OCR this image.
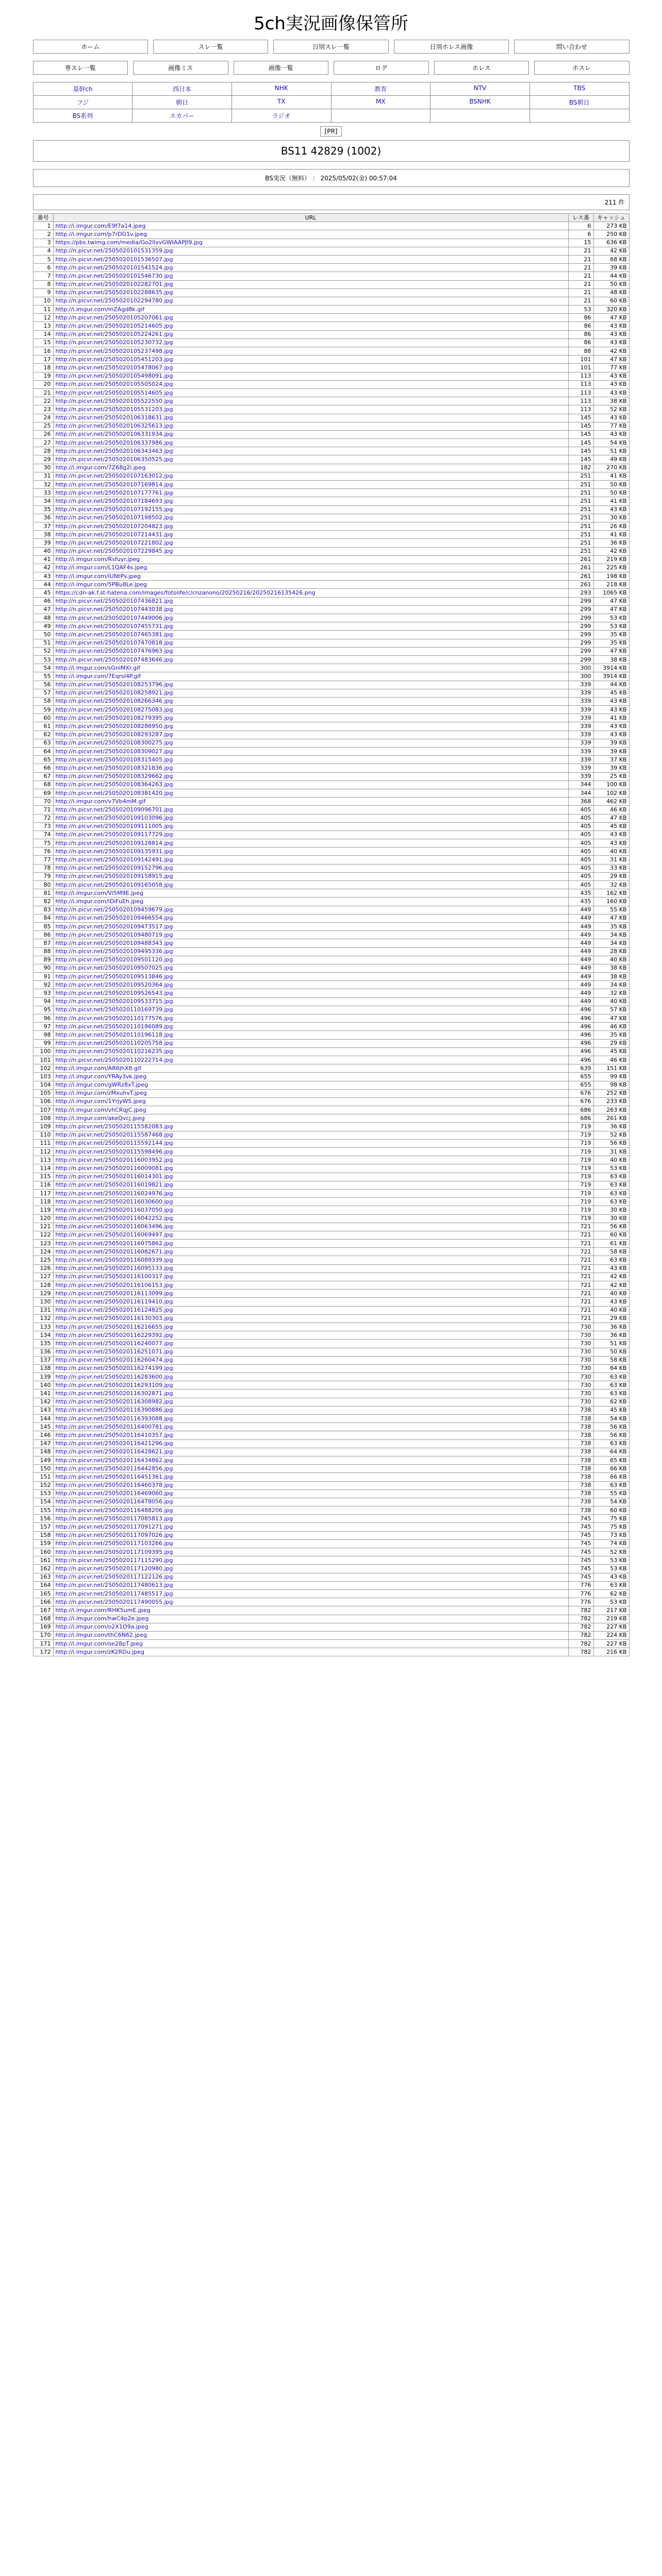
5ch実況画像保管所
ホーム	スレ一覧	日別スレ一覧	日別ホレス画像	問い合わせ
専スレ一覧	画像ミス	画像一覧	ログ	ホレス	ホスレ
基幹ch	西日本	NHK	教育	NTV	TBS
フジ	朝日	TX	MX	BSNHK	BS朝日
BS系列	スカパー	ラジオ
[PR]
BS11 42829 (1002)
BS実況（無料） ： 2025/05/02(金) 00:57:04
211 件
番号	URL	レス番	キャッシュ
1	http://i.imgur.com/E9f7a14.jpeg	6	273 KB
2	http://i.imgur.com/p7rDG1v.jpeg	6	250 KB
3	https://pbs.twimg.com/media/Go2llvvGWIAAPJI9.jpg	15	636 KB
4	http://n.picvr.net/2505020101531359.jpg	21	42 KB
5	http://n.picvr.net/2505020101536507.jpg	21	68 KB
6	http://n.picvr.net/2505020101541524.jpg	21	39 KB
7	http://n.picvr.net/2505020101546730.jpg	21	44 KB
8	http://n.picvr.net/2505020102282701.jpg	21	50 KB
9	http://n.picvr.net/2505020102288635.jpg	21	48 KB
10	http://n.picvr.net/2505020102294780.jpg	21	60 KB
11	http://i.imgur.com/mZAgd8k.gif	53	320 KB
12	http://n.picvr.net/2505020105207061.jpg	86	47 KB
13	http://n.picvr.net/2505020105214605.jpg	86	43 KB
14	http://n.picvr.net/2505020105224261.jpg	86	43 KB
15	http://n.picvr.net/2505020105230732.jpg	86	43 KB
16	http://n.picvr.net/2505020105237498.jpg	88	42 KB
17	http://n.picvr.net/2505020105451203.jpg	101	47 KB
18	http://n.picvr.net/2505020105478067.jpg	101	77 KB
19	http://n.picvr.net/2505020105498091.jpg	113	43 KB
20	http://n.picvr.net/2505020105505024.jpg	113	43 KB
21	http://n.picvr.net/2505020105514605.jpg	113	43 KB
22	http://n.picvr.net/2505020105522550.jpg	113	38 KB
23	http://n.picvr.net/2505020105531203.jpg	113	52 KB
24	http://n.picvr.net/2505020106318631.jpg	145	43 KB
25	http://n.picvr.net/2505020106325613.jpg	145	77 KB
26	http://n.picvr.net/2505020106331934.jpg	145	43 KB
27	http://n.picvr.net/2505020106337986.jpg	145	54 KB
28	http://n.picvr.net/2505020106343463.jpg	145	51 KB
29	http://n.picvr.net/2505020106350525.jpg	145	49 KB
30	http://i.imgur.com/7Z68g2i.jpeg	182	270 KB
31	http://n.picvr.net/2505020107163012.jpg	251	41 KB
32	http://n.picvr.net/2505020107169814.jpg	251	50 KB
33	http://n.picvr.net/2505020107177761.jpg	251	50 KB
34	http://n.picvr.net/2505020107184693.jpg	251	41 KB
35	http://n.picvr.net/2505020107192155.jpg	251	43 KB
36	http://n.picvr.net/2505020107198502.jpg	251	30 KB
37	http://n.picvr.net/2505020107204823.jpg	251	26 KB
38	http://n.picvr.net/2505020107214431.jpg	251	41 KB
39	http://n.picvr.net/2505020107221802.jpg	251	36 KB
40	http://n.picvr.net/2505020107229845.jpg	251	42 KB
41	http://i.imgur.com/Rsfuyr.jpeg	261	219 KB
42	http://i.imgur.com/L1QAF4s.jpeg	261	225 KB
43	http://i.imgur.com/iUNtPv.jpeg	261	198 KB
44	http://i.imgur.com/5PBu8Le.jpeg	261	218 KB
45	https://cdn-ak.f.st-hatena.com/images/fotolife/c/cnzanono/20250216/20250216135426.png	293	1065 KB
46	http://n.picvr.net/2505020107436821.jpg	299	47 KB
47	http://n.picvr.net/2505020107443038.jpg	299	47 KB
48	http://n.picvr.net/2505020107449006.jpg	299	53 KB
49	http://n.picvr.net/2505020107455731.jpg	299	53 KB
50	http://n.picvr.net/2505020107465381.jpg	299	35 KB
51	http://n.picvr.net/2505020107470818.jpg	299	35 KB
52	http://n.picvr.net/2505020107476963.jpg	299	47 KB
53	http://n.picvr.net/2505020107483646.jpg	299	38 KB
54	http://i.imgur.com/sGnlMXr.gif	300	3914 KB
55	http://i.imgur.com/7Eqrsl4P.gif	300	3914 KB
56	http://n.picvr.net/2505020108253796.jpg	339	44 KB
57	http://n.picvr.net/2505020108258921.jpg	339	45 KB
58	http://n.picvr.net/2505020108266346.jpg	339	43 KB
59	http://n.picvr.net/2505020108275083.jpg	339	43 KB
60	http://n.picvr.net/2505020108279395.jpg	339	41 KB
61	http://n.picvr.net/2505020108286950.jpg	339	43 KB
62	http://n.picvr.net/2505020108293287.jpg	339	43 KB
63	http://n.picvr.net/2505020108300275.jpg	339	39 KB
64	http://n.picvr.net/2505020108309027.jpg	339	39 KB
65	http://n.picvr.net/2505020108315405.jpg	339	37 KB
66	http://n.picvr.net/2505020108321836.jpg	339	39 KB
67	http://n.picvr.net/2505020108329662.jpg	339	25 KB
68	http://n.picvr.net/2505020108364263.jpg	344	100 KB
69	http://n.picvr.net/2505020108381420.jpg	344	102 KB
70	http://i.imgur.com/v7Vb4mM.gif	368	462 KB
71	http://n.picvr.net/2505020109096701.jpg	405	46 KB
72	http://n.picvr.net/2505020109103096.jpg	405	47 KB
73	http://n.picvr.net/2505020109111005.jpg	405	45 KB
74	http://n.picvr.net/2505020109117729.jpg	405	43 KB
75	http://n.picvr.net/2505020109128814.jpg	405	43 KB
76	http://n.picvr.net/2505020109135931.jpg	405	40 KB
77	http://n.picvr.net/2505020109142491.jpg	405	31 KB
78	http://n.picvr.net/2505020109152796.jpg	405	33 KB
79	http://n.picvr.net/2505020109158915.jpg	405	29 KB
80	http://n.picvr.net/2505020109165058.jpg	405	32 KB
81	http://i.imgur.com/Vl5M9E.jpeg	435	162 KB
82	http://i.imgur.com/iDiFuEh.jpeg	435	160 KB
83	http://n.picvr.net/2505020109459679.jpg	449	55 KB
84	http://n.picvr.net/2505020109466554.jpg	449	47 KB
85	http://n.picvr.net/2505020109473517.jpg	449	35 KB
86	http://n.picvr.net/2505020109480719.jpg	449	34 KB
87	http://n.picvr.net/2505020109488343.jpg	449	34 KB
88	http://n.picvr.net/2505020109495336.jpg	449	28 KB
89	http://n.picvr.net/2505020109501120.jpg	449	40 KB
90	http://n.picvr.net/2505020109507025.jpg	449	38 KB
91	http://n.picvr.net/2505020109513846.jpg	449	38 KB
92	http://n.picvr.net/2505020109520364.jpg	449	34 KB
93	http://n.picvr.net/2505020109526543.jpg	449	32 KB
94	http://n.picvr.net/2505020109533715.jpg	449	40 KB
95	http://n.picvr.net/2505020110169739.jpg	496	57 KB
96	http://n.picvr.net/2505020110177576.jpg	496	47 KB
97	http://n.picvr.net/2505020110186089.jpg	496	46 KB
98	http://n.picvr.net/2505020110196118.jpg	496	35 KB
99	http://n.picvr.net/2505020110205758.jpg	496	29 KB
100	http://n.picvr.net/2505020110216235.jpg	496	45 KB
101	http://n.picvr.net/2505020110222714.jpg	496	46 KB
102	http://i.imgur.com/AR6jhX8.gif	639	151 KB
103	http://i.imgur.com/YRAy3vk.jpeg	655	99 KB
104	http://i.imgur.com/gWRz8xT.jpeg	655	98 KB
105	http://i.imgur.com/zMxuhvT.jpeg	676	252 KB
106	http://i.imgur.com/1YrjyWS.jpeg	676	233 KB
107	http://i.imgur.com/vhCRqjC.jpeg	686	263 KB
108	http://i.imgur.com/akeQvcj.jpeg	686	261 KB
109	http://n.picvr.net/2505020115582083.jpg	719	36 KB
110	http://n.picvr.net/2505020115587468.jpg	719	52 KB
111	http://n.picvr.net/2505020115592144.jpg	719	56 KB
112	http://n.picvr.net/2505020115598496.jpg	719	31 KB
113	http://n.picvr.net/2505020116003952.jpg	719	40 KB
114	http://n.picvr.net/2505020116009081.jpg	719	53 KB
115	http://n.picvr.net/2505020116014301.jpg	719	63 KB
116	http://n.picvr.net/2505020116019821.jpg	719	63 KB
117	http://n.picvr.net/2505020116024976.jpg	719	63 KB
118	http://n.picvr.net/2505020116030600.jpg	719	63 KB
119	http://n.picvr.net/2505020116037050.jpg	719	30 KB
120	http://n.picvr.net/2505020116042252.jpg	719	30 KB
121	http://n.picvr.net/2505020116063496.jpg	721	56 KB
122	http://n.picvr.net/2505020116069497.jpg	721	60 KB
123	http://n.picvr.net/2505020116075862.jpg	721	61 KB
124	http://n.picvr.net/2505020116082671.jpg	721	58 KB
125	http://n.picvr.net/2505020116089339.jpg	721	63 KB
126	http://n.picvr.net/2505020116095133.jpg	721	43 KB
127	http://n.picvr.net/2505020116100317.jpg	721	42 KB
128	http://n.picvr.net/2505020116106153.jpg	721	42 KB
129	http://n.picvr.net/2505020116113099.jpg	721	40 KB
130	http://n.picvr.net/2505020116119410.jpg	721	43 KB
131	http://n.picvr.net/2505020116124825.jpg	721	40 KB
132	http://n.picvr.net/2505020116130303.jpg	721	29 KB
133	http://n.picvr.net/2505020116216655.jpg	730	36 KB
134	http://n.picvr.net/2505020116229392.jpg	730	36 KB
135	http://n.picvr.net/2505020116240077.jpg	730	51 KB
136	http://n.picvr.net/2505020116251071.jpg	730	50 KB
137	http://n.picvr.net/2505020116260474.jpg	730	58 KB
138	http://n.picvr.net/2505020116274199.jpg	730	64 KB
139	http://n.picvr.net/2505020116283600.jpg	730	63 KB
140	http://n.picvr.net/2505020116293109.jpg	730	63 KB
141	http://n.picvr.net/2505020116302871.jpg	730	63 KB
142	http://n.picvr.net/2505020116308982.jpg	730	62 KB
143	http://n.picvr.net/2505020116390886.jpg	738	45 KB
144	http://n.picvr.net/2505020116393088.jpg	738	54 KB
145	http://n.picvr.net/2505020116400781.jpg	738	56 KB
146	http://n.picvr.net/2505020116410357.jpg	738	56 KB
147	http://n.picvr.net/2505020116421296.jpg	738	63 KB
148	http://n.picvr.net/2505020116428621.jpg	738	64 KB
149	http://n.picvr.net/2505020116434862.jpg	738	65 KB
150	http://n.picvr.net/2505020116442856.jpg	738	66 KB
151	http://n.picvr.net/2505020116451361.jpg	738	66 KB
152	http://n.picvr.net/2505020116460378.jpg	738	63 KB
153	http://n.picvr.net/2505020116469060.jpg	738	55 KB
154	http://n.picvr.net/2505020116478056.jpg	738	54 KB
155	http://n.picvr.net/2505020116488206.jpg	738	60 KB
156	http://n.picvr.net/2505020117085813.jpg	745	75 KB
157	http://n.picvr.net/2505020117091271.jpg	745	75 KB
158	http://n.picvr.net/2505020117097026.jpg	745	73 KB
159	http://n.picvr.net/2505020117103266.jpg	745	74 KB
160	http://n.picvr.net/2505020117109395.jpg	745	52 KB
161	http://n.picvr.net/2505020117115290.jpg	745	53 KB
162	http://n.picvr.net/2505020117120980.jpg	745	53 KB
163	http://n.picvr.net/2505020117122126.jpg	745	43 KB
164	http://n.picvr.net/2505020117480613.jpg	776	63 KB
165	http://n.picvr.net/2505020117485517.jpg	776	62 KB
166	http://n.picvr.net/2505020117490055.jpg	776	53 KB
167	http://i.imgur.com/RHK5umE.jpeg	782	217 KB
168	http://i.imgur.com/hwC4p2e.jpeg	782	219 KB
169	http://i.imgur.com/o2X1O9a.jpeg	782	227 KB
170	http://i.imgur.com/thC6N62.jpeg	782	224 KB
171	http://i.imgur.com/oe28pT.jpeg	782	227 KB
172	http://i.imgur.com/zK2RDu.jpeg	782	216 KB
